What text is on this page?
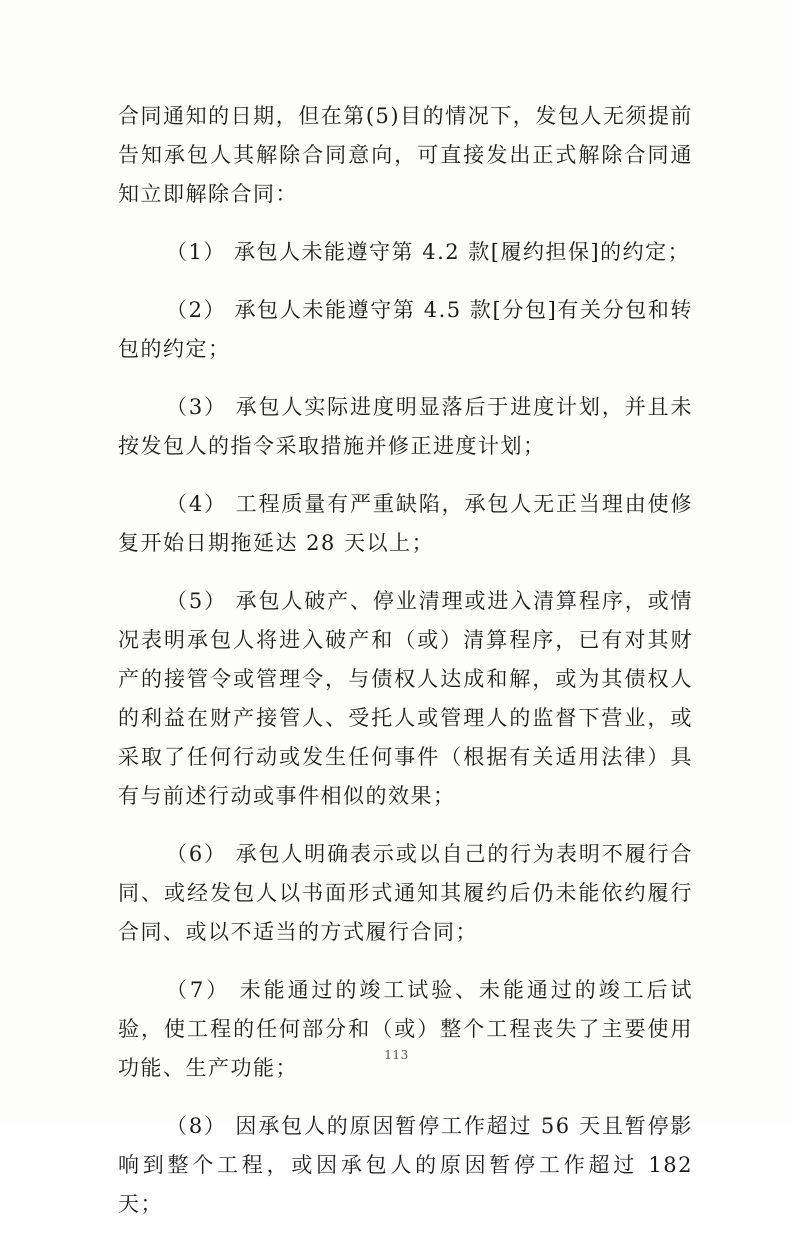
合同通知的日期，但在第(5)目的情况下，发包人无须提前告知承包人其解除合同意向，可直接发出正式解除合同通知立即解除合同：

（1） 承包人未能遵守第 4.2 款[履约担保]的约定；

（2） 承包人未能遵守第 4.5 款[分包]有关分包和转包的约定；

（3） 承包人实际进度明显落后于进度计划，并且未按发包人的指令采取措施并修正进度计划；

（4） 工程质量有严重缺陷，承包人无正当理由使修复开始日期拖延达 28 天以上；

（5） 承包人破产、停业清理或进入清算程序，或情况表明承包人将进入破产和（或）清算程序，已有对其财产的接管令或管理令，与债权人达成和解，或为其债权人的利益在财产接管人、受托人或管理人的监督下营业，或采取了任何行动或发生任何事件（根据有关适用法律）具有与前述行动或事件相似的效果；

（6） 承包人明确表示或以自己的行为表明不履行合同、或经发包人以书面形式通知其履约后仍未能依约履行合同、或以不适当的方式履行合同；

（7） 未能通过的竣工试验、未能通过的竣工后试验，使工程的任何部分和（或）整个工程丧失了主要使用功能、生产功能；

（8） 因承包人的原因暂停工作超过 56 天且暂停影响到整个工程，或因承包人的原因暂停工作超过 182 天；

113
